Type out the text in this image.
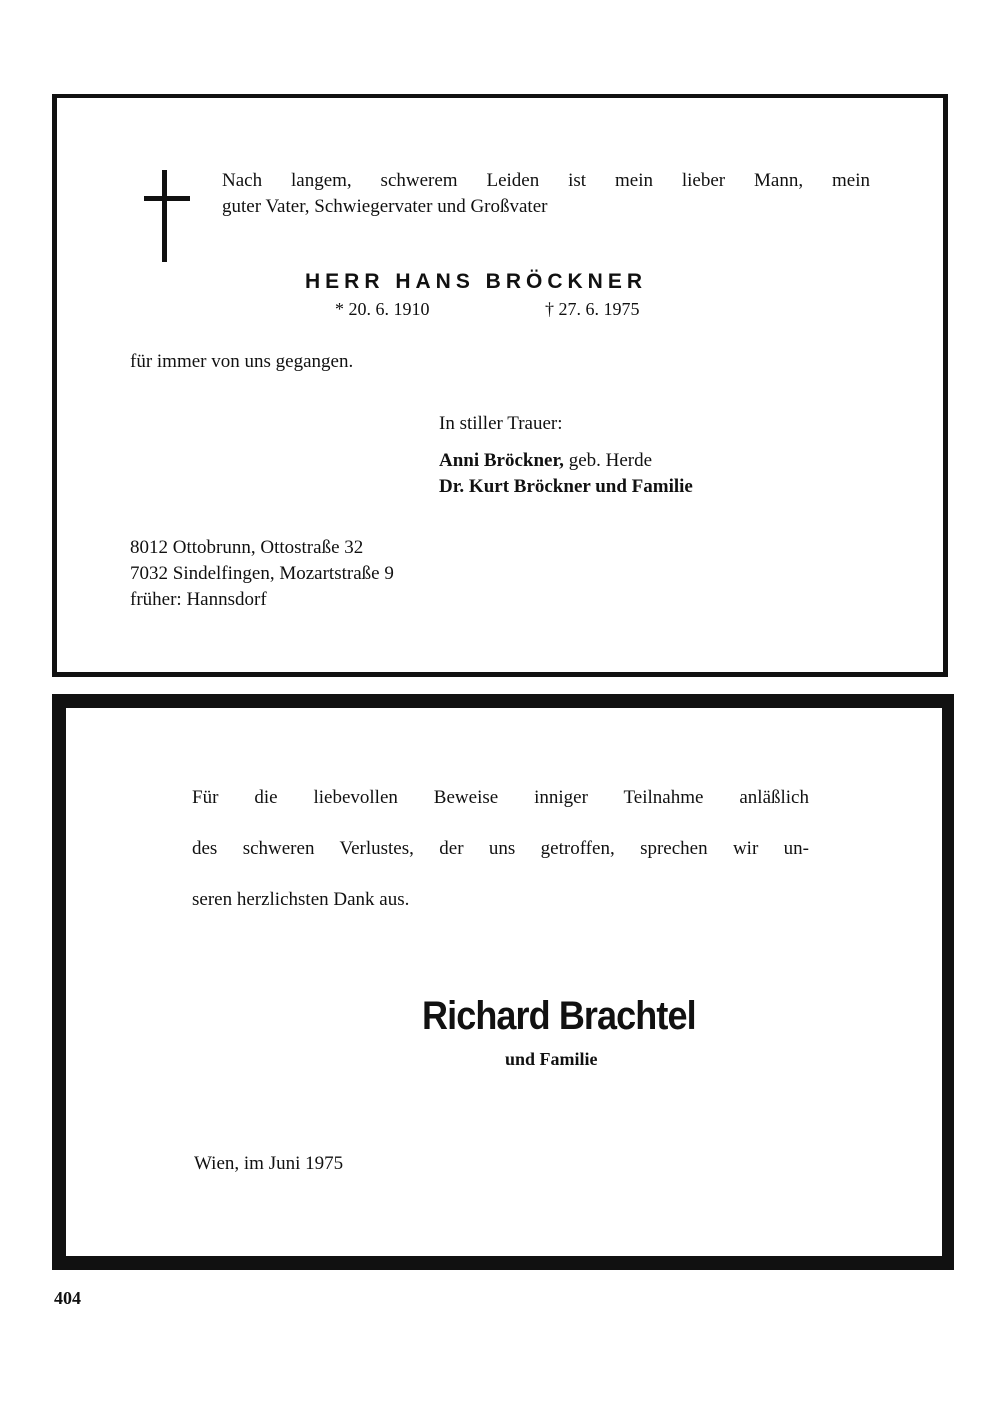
Nach langem, schwerem Leiden ist mein lieber Mann, mein
guter Vater, Schwiegervater und Großvater
HERR HANS BRÖCKNER
* 20. 6. 1910	† 27. 6. 1975
für immer von uns gegangen.
In stiller Trauer:
Anni Bröckner, geb. Herde
Dr. Kurt Bröckner und Familie
8012 Ottobrunn, Ottostraße 32
7032 Sindelfingen, Mozartstraße 9
früher: Hannsdorf
Für die liebevollen Beweise inniger Teilnahme anläßlich
des schweren Verlustes, der uns getroffen, sprechen wir un-
seren herzlichsten Dank aus.
Richard Brachtel
und Familie
Wien, im Juni 1975
404
